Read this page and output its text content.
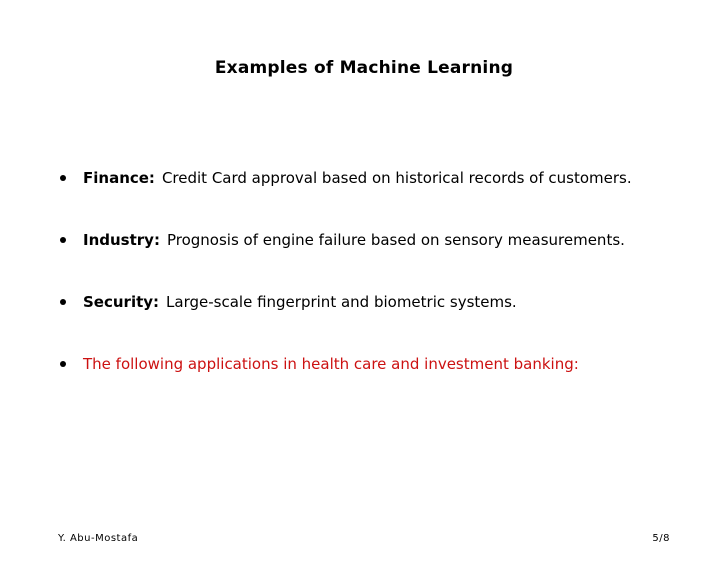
Examples of Machine Learning
Finance: Credit Card approval based on historical records of customers.
Industry: Prognosis of engine failure based on sensory measurements.
Security: Large-scale fingerprint and biometric systems.
The following applications in health care and investment banking:
Y. Abu-Mostafa	5/8
